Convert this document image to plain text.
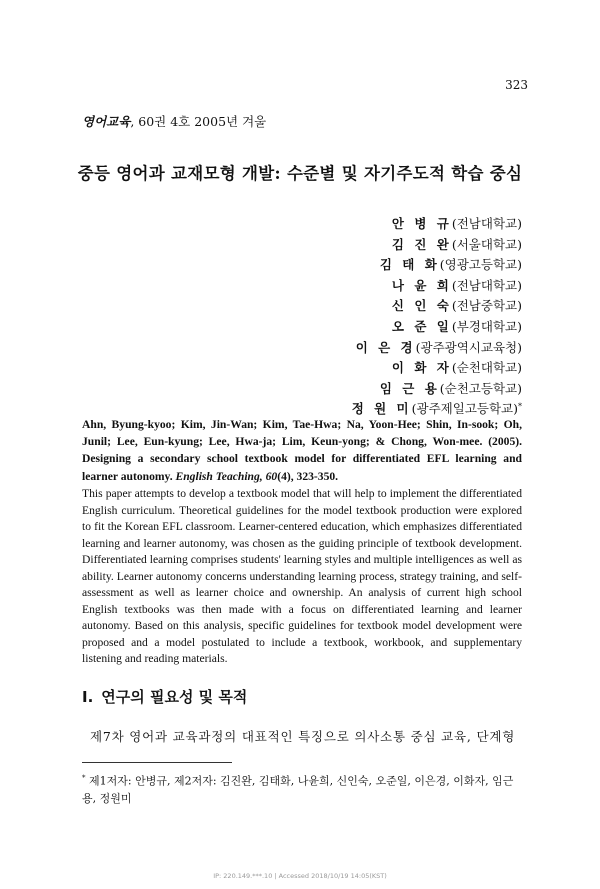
323
영어교육, 60권 4호 2005년 겨울
중등 영어과 교재모형 개발: 수준별 및 자기주도적 학습 중심
안 병 규(전남대학교)
김 진 완(서울대학교)
김 태 화(영광고등학교)
나 윤 희(전남대학교)
신 인 숙(전남중학교)
오 준 일(부경대학교)
이 은 경(광주광역시교육청)
이 화 자(순천대학교)
임 근 용(순천고등학교)
정 원 미(광주제일고등학교)*
Ahn, Byung-kyoo; Kim, Jin-Wan; Kim, Tae-Hwa; Na, Yoon-Hee; Shin, In-sook; Oh, Junil; Lee, Eun-kyung; Lee, Hwa-ja; Lim, Keun-yong; & Chong, Won-mee. (2005). Designing a secondary school textbook model for differentiated EFL learning and learner autonomy. English Teaching, 60(4), 323-350.
This paper attempts to develop a textbook model that will help to implement the differentiated English curriculum. Theoretical guidelines for the model textbook production were explored to fit the Korean EFL classroom. Learner-centered education, which emphasizes differentiated learning and learner autonomy, was chosen as the guiding principle of textbook development. Differentiated learning comprises students' learning styles and multiple intelligences as well as ability. Learner autonomy concerns understanding learning process, strategy training, and self-assessment as well as learner choice and ownership. An analysis of current high school English textbooks was then made with a focus on differentiated learning and learner autonomy. Based on this analysis, specific guidelines for textbook model development were proposed and a model postulated to include a textbook, workbook, and supplementary listening and reading materials.
I. 연구의 필요성 및 목적
제7차 영어과 교육과정의 대표적인 특징으로 의사소통 중심 교육, 단계형
* 제1저자: 안병규, 제2저자: 김진완, 김태화, 나윤희, 신인숙, 오준일, 이은경, 이화자, 임근용, 정원미
IP: 220.149.***.10 | Accessed 2018/10/19 14:05(KST)
